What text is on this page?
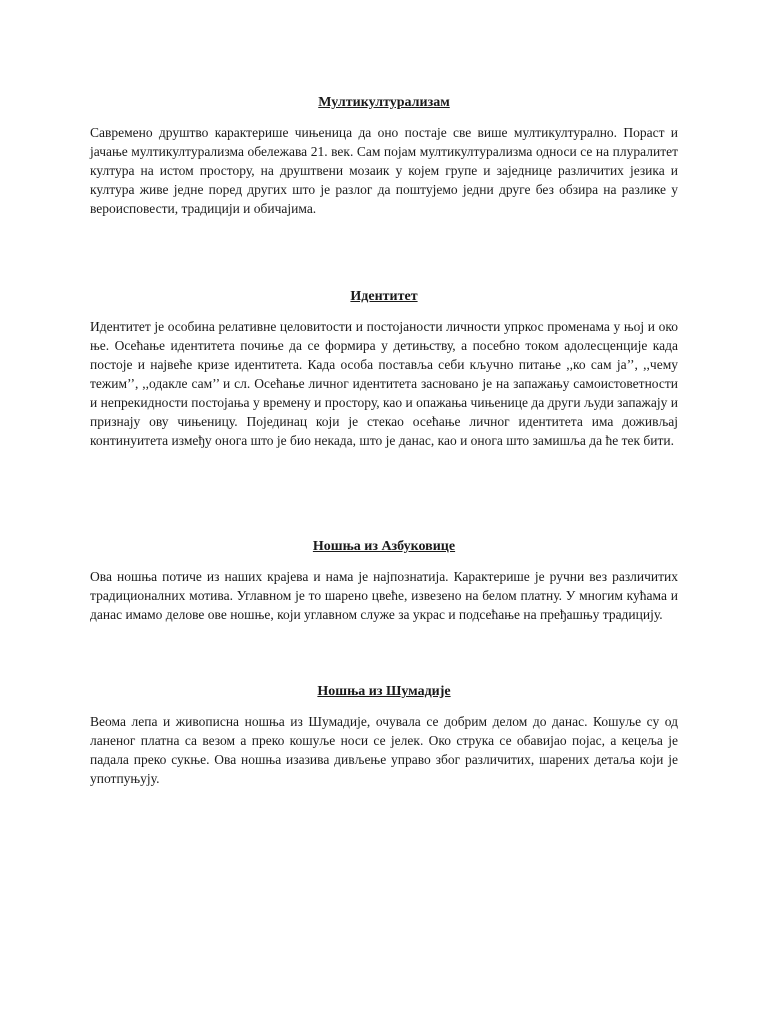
Мултикултурализам

Савремено друштво карактерише чињеница да оно постаје све више мултикултурално. Пораст и јачање мултикултурализма обележава 21. век. Сам појам мултикултурализма односи се на плуралитет култура на истом простору, на друштвени мозаик у којем групе и заједнице различитих језика и култура живе једне поред других што је разлог да поштујемо једни друге без обзира на разлике у вероисповести, традицији и обичајима.

Идентитет

Идентитет је особина релативне целовитости и постојаности личности упркос променама у њој и око ње. Осећање идентитета почиње да се формира у детињству, а посебно током адолесценције када постоје и највеће кризе идентитета. Када особа поставља себи кључно питање ,,ко сам ја’’, ,,чему тежим’’, ,,одакле сам’’ и сл. Осећање личног идентитета засновано је на запажању самоистоветности и непрекидности постојања у времену и простору, као и опажања чињенице да други људи запажају и признају ову чињеницу. Појединац који је стекао осећање личног идентитета има доживљај континуитета између онога што је био некада, што је данас, као и онога што замишља да ће тек бити.

Ношња из Азбуковице

Ова ношња потиче из наших крајева и нама је најпознатија. Карактерише је ручни вез различитих традиционалних мотива. Углавном је то шарено цвеће, извезено на белом платну. У многим кућама и данас имамо делове ове ношње, који углавном служе за украс и подсећање на пређашњу традицију.

Ношња из Шумадије

Веома лепа и живописна ношња из Шумадије, очувала се добрим делом до данас. Кошуље су од ланеног платна са везом а преко кошуље носи се јелек. Око струка се обавијао појас, а кецеља је падала преко сукње. Ова ношња изазива дивљење управо због различитих, шарених детаља који је употпуњују.
